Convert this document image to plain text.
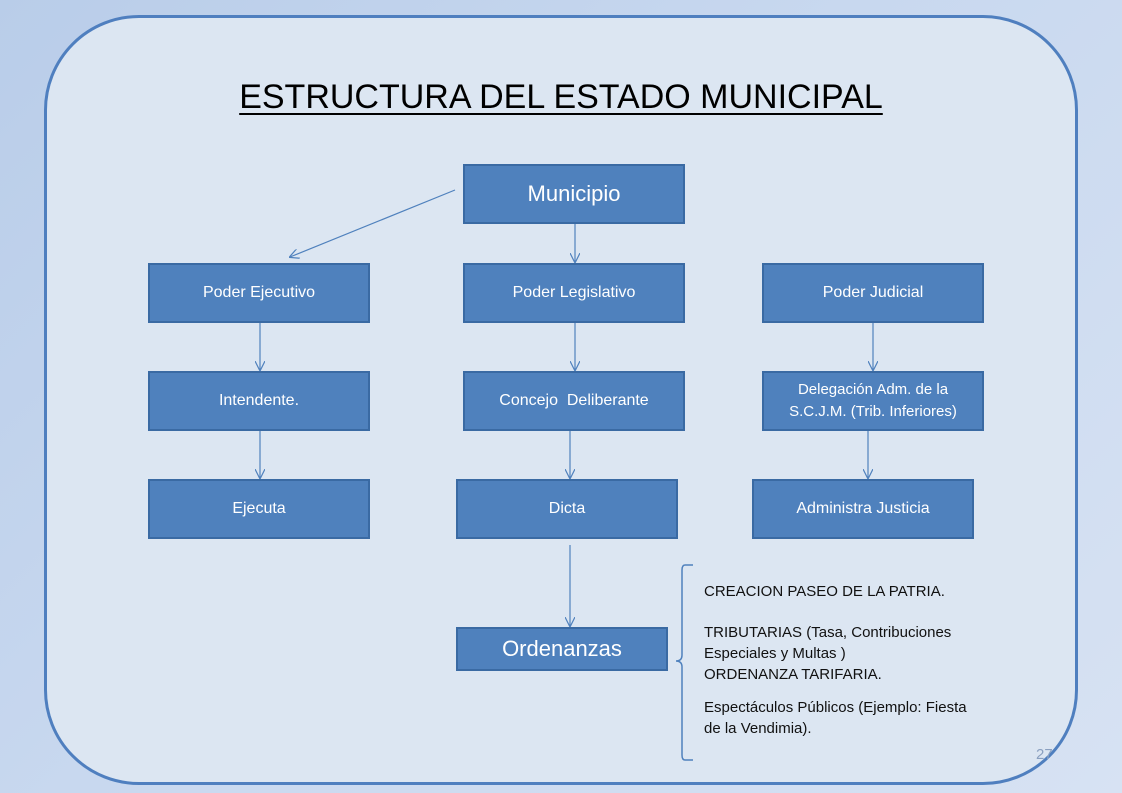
ESTRUCTURA DEL ESTADO MUNICIPAL
Municipio
Poder Ejecutivo	Poder Legislativo	Poder Judicial
Intendente.	Concejo  Deliberante
Delegación Adm. de la
S.C.J.M. (Trib. Inferiores)
Ejecuta	Dicta	Administra Justicia
Ordenanzas
CREACION PASEO DE LA PATRIA.
TRIBUTARIAS (Tasa, Contribuciones
Especiales y Multas )
ORDENANZA TARIFARIA.
Espectáculos Públicos (Ejemplo: Fiesta
de la Vendimia).
27
